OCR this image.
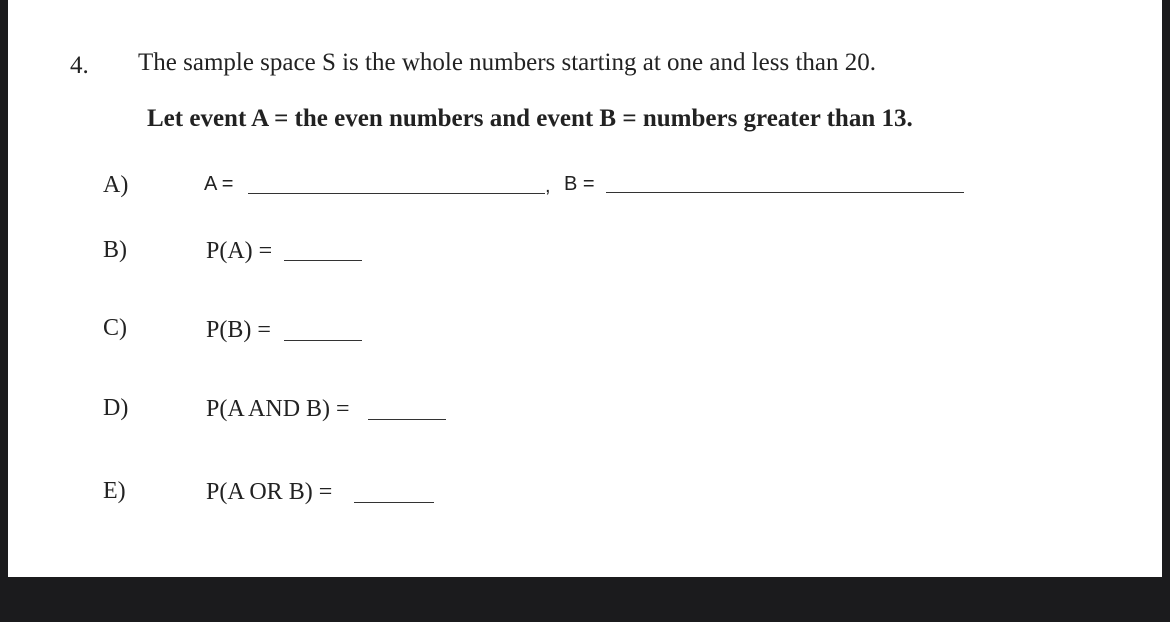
4. The sample space S is the whole numbers starting at one and less than 20.
Let event A = the even numbers and event B = numbers greater than 13.
A)	A =	, B =
B)	P(A) =
C)	P(B) =
D)	P(A AND B) =
E)	P(A OR B) =
